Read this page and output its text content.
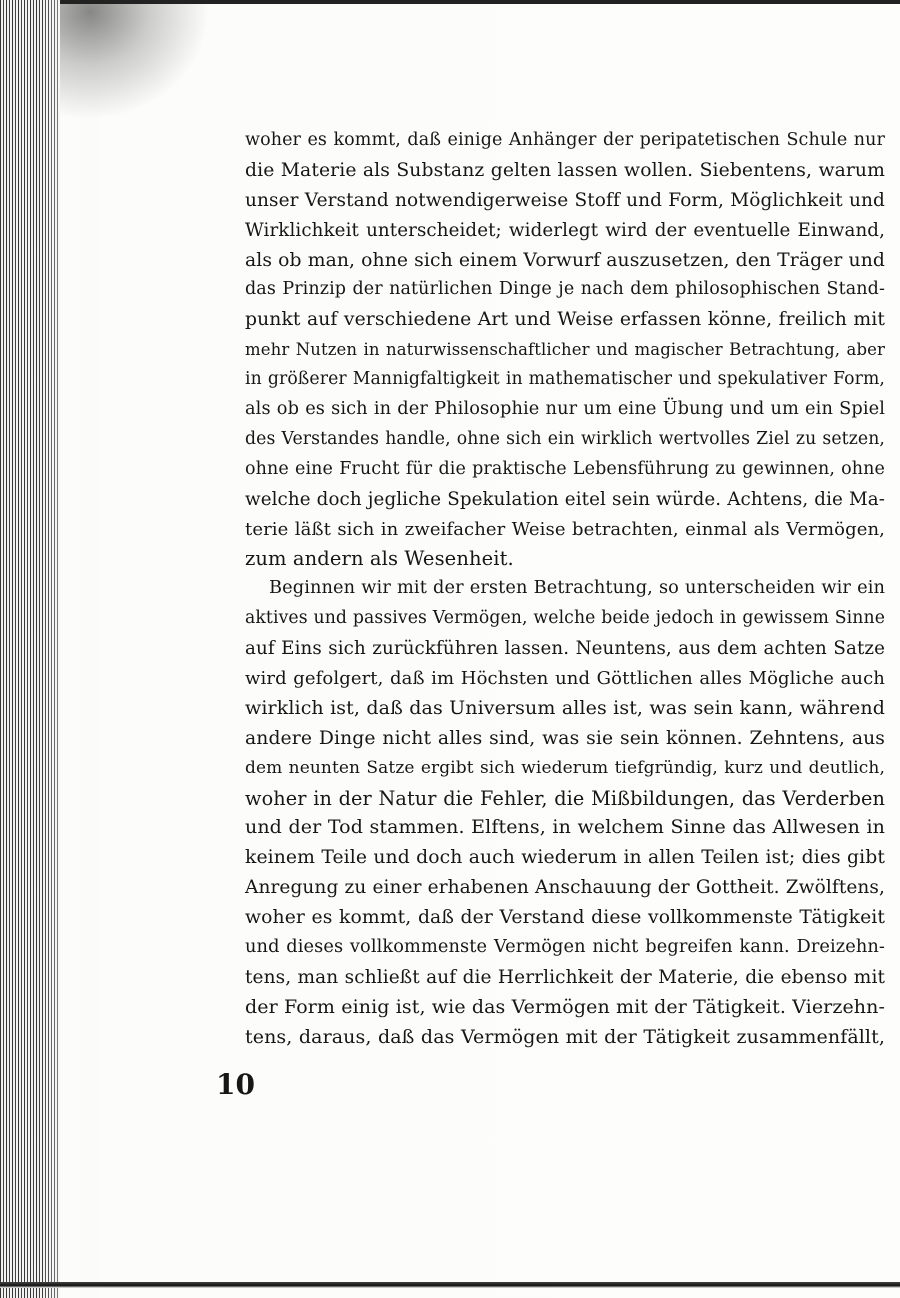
woher es kommt, daß einige Anhänger der peripatetischen Schule nur
die Materie als Substanz gelten lassen wollen. Siebentens, warum
unser Verstand notwendigerweise Stoff und Form, Möglichkeit und
Wirklichkeit unterscheidet; widerlegt wird der eventuelle Einwand,
als ob man, ohne sich einem Vorwurf auszusetzen, den Träger und
das Prinzip der natürlichen Dinge je nach dem philosophischen Stand-
punkt auf verschiedene Art und Weise erfassen könne, freilich mit
mehr Nutzen in naturwissenschaftlicher und magischer Betrachtung, aber
in größerer Mannigfaltigkeit in mathematischer und spekulativer Form,
als ob es sich in der Philosophie nur um eine Übung und um ein Spiel
des Verstandes handle, ohne sich ein wirklich wertvolles Ziel zu setzen,
ohne eine Frucht für die praktische Lebensführung zu gewinnen, ohne
welche doch jegliche Spekulation eitel sein würde. Achtens, die Ma-
terie läßt sich in zweifacher Weise betrachten, einmal als Vermögen,
zum andern als Wesenheit.
Beginnen wir mit der ersten Betrachtung, so unterscheiden wir ein
aktives und passives Vermögen, welche beide jedoch in gewissem Sinne
auf Eins sich zurückführen lassen. Neuntens, aus dem achten Satze
wird gefolgert, daß im Höchsten und Göttlichen alles Mögliche auch
wirklich ist, daß das Universum alles ist, was sein kann, während
andere Dinge nicht alles sind, was sie sein können. Zehntens, aus
dem neunten Satze ergibt sich wiederum tiefgründig, kurz und deutlich,
woher in der Natur die Fehler, die Mißbildungen, das Verderben
und der Tod stammen. Elftens, in welchem Sinne das Allwesen in
keinem Teile und doch auch wiederum in allen Teilen ist; dies gibt
Anregung zu einer erhabenen Anschauung der Gottheit. Zwölftens,
woher es kommt, daß der Verstand diese vollkommenste Tätigkeit
und dieses vollkommenste Vermögen nicht begreifen kann. Dreizehn-
tens, man schließt auf die Herrlichkeit der Materie, die ebenso mit
der Form einig ist, wie das Vermögen mit der Tätigkeit. Vierzehn-
tens, daraus, daß das Vermögen mit der Tätigkeit zusammenfällt,
10
